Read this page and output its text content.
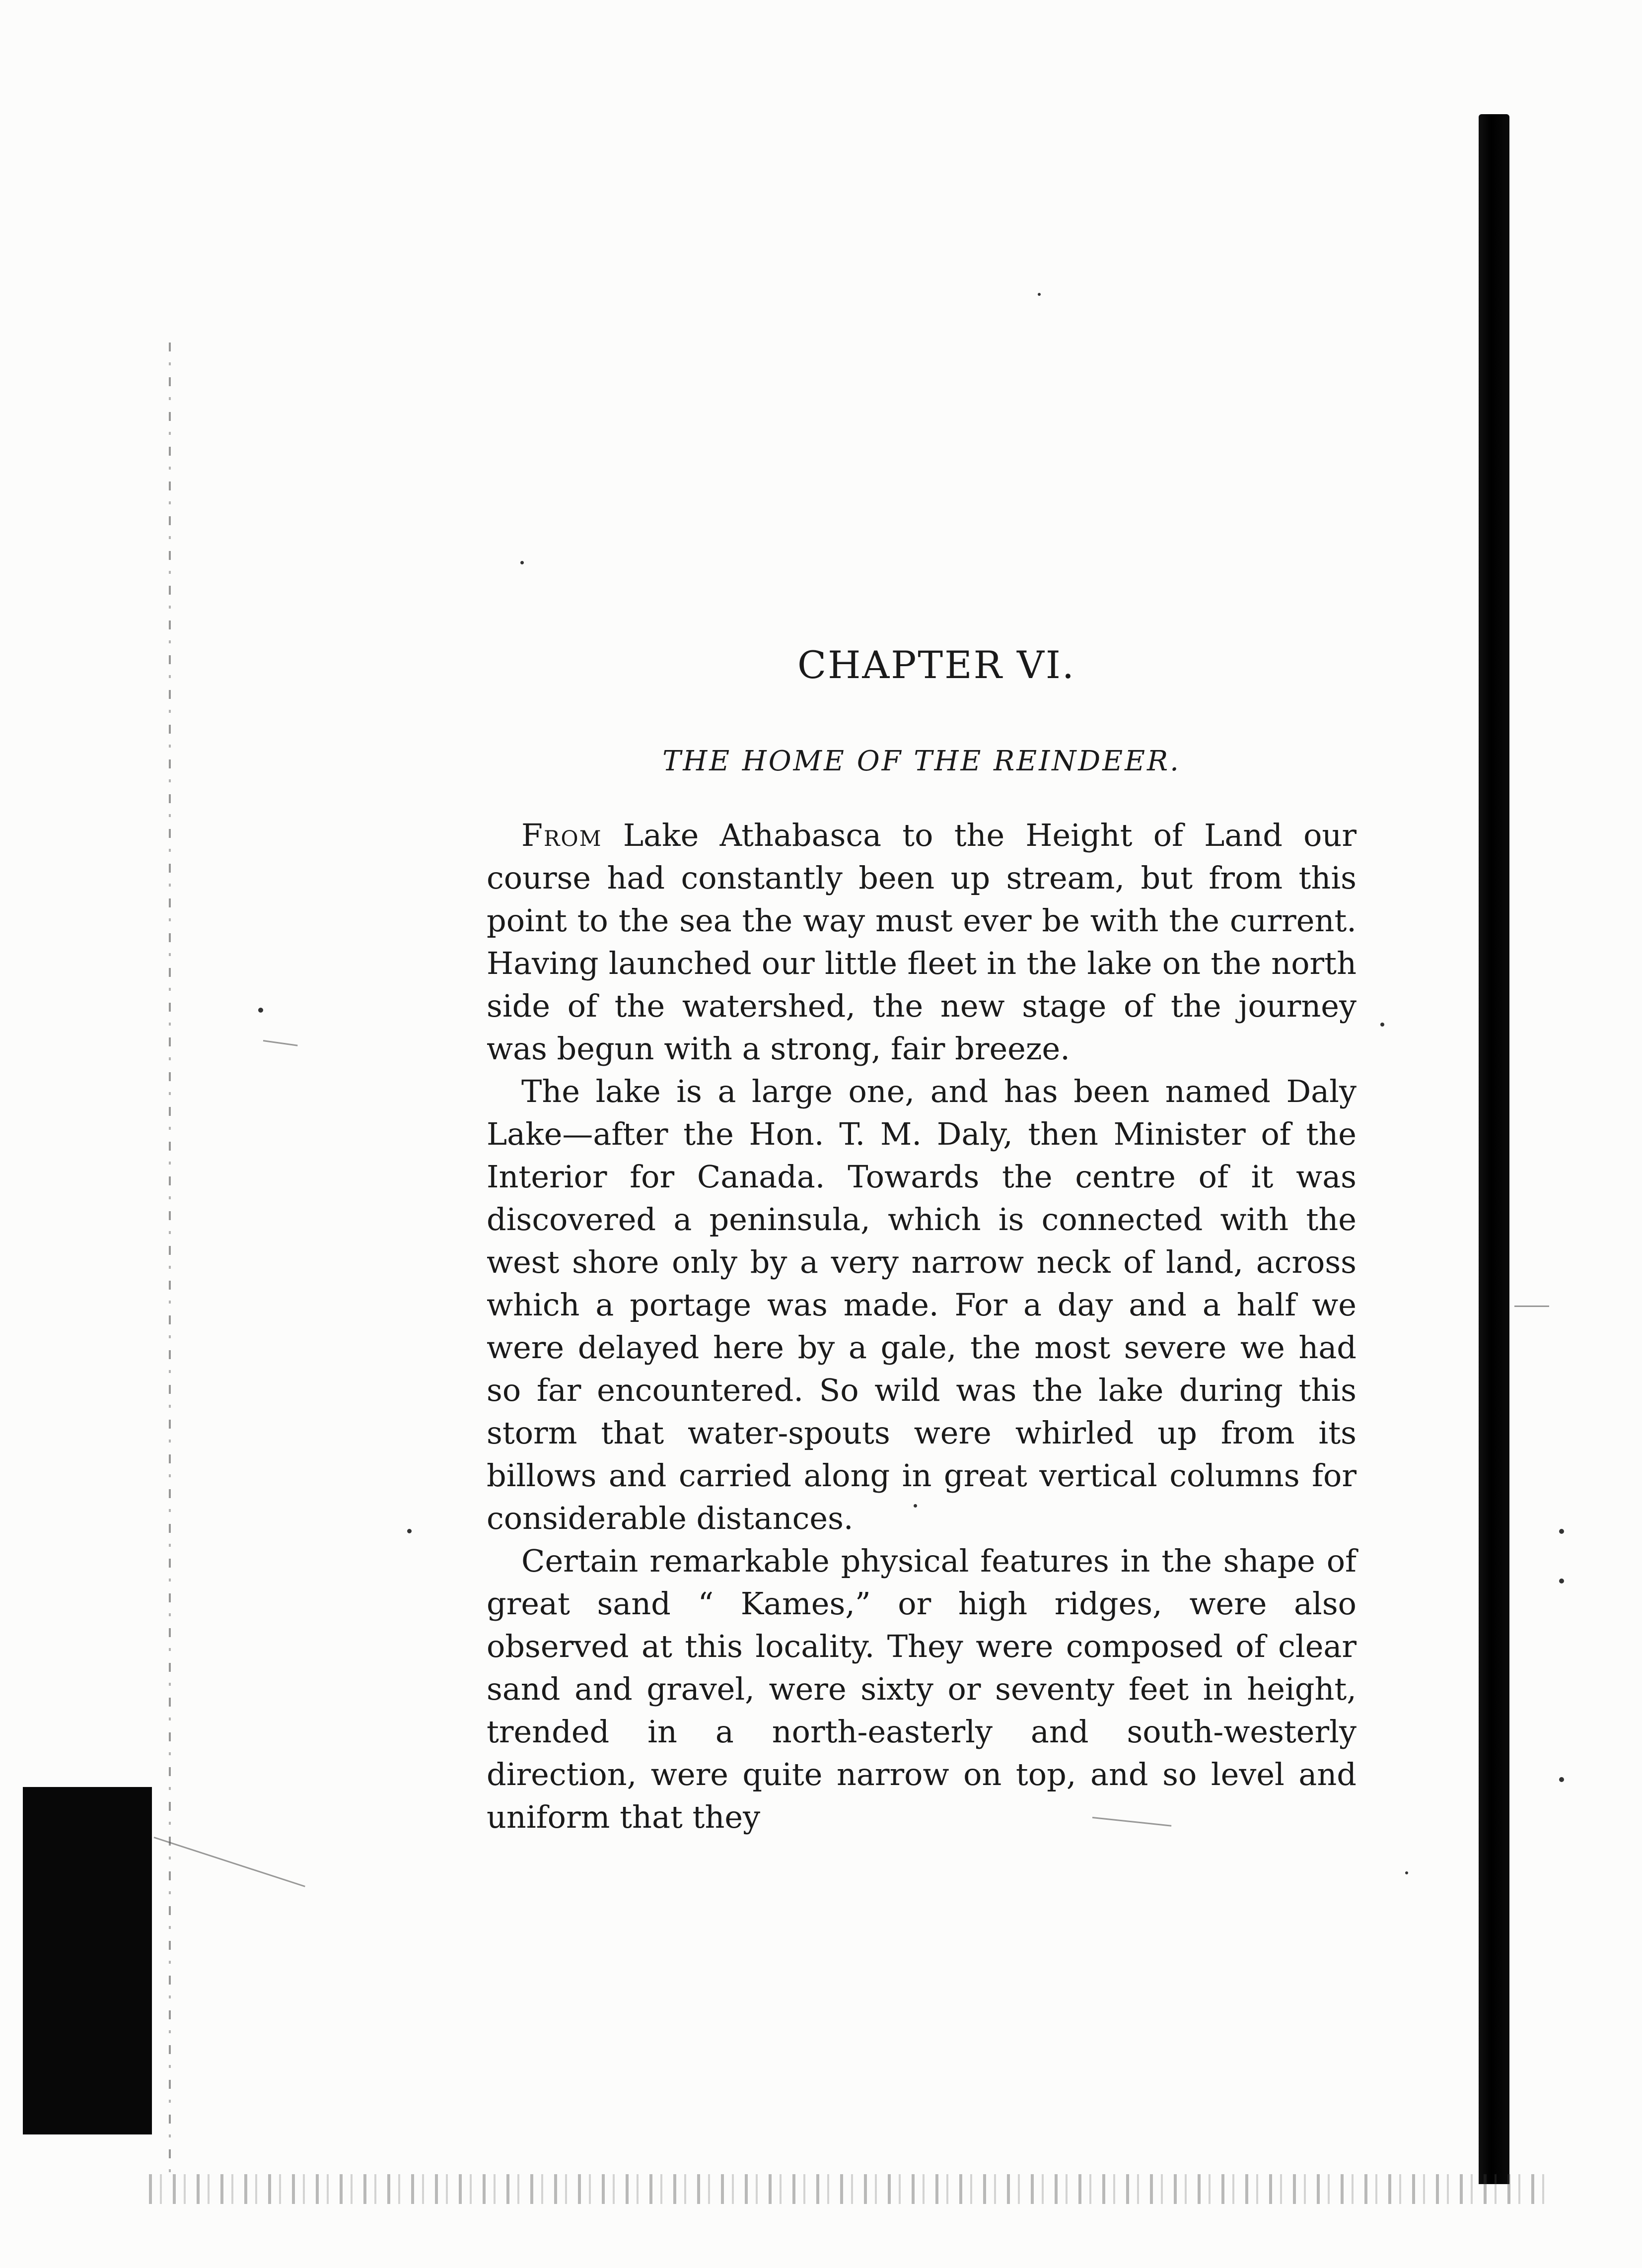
CHAPTER VI.
THE HOME OF THE REINDEER.

From Lake Athabasca to the Height of Land our course had constantly been up stream, but from this point to the sea the way must ever be with the current. Having launched our little fleet in the lake on the north side of the watershed, the new stage of the journey was begun with a strong, fair breeze.

The lake is a large one, and has been named Daly Lake—after the Hon. T. M. Daly, then Minister of the Interior for Canada. Towards the centre of it was discovered a peninsula, which is connected with the west shore only by a very narrow neck of land, across which a portage was made. For a day and a half we were delayed here by a gale, the most severe we had so far encountered. So wild was the lake during this storm that water-spouts were whirled up from its billows and carried along in great vertical columns for considerable distances.

Certain remarkable physical features in the shape of great sand “ Kames,” or high ridges, were also observed at this locality. They were composed of clear sand and gravel, were sixty or seventy feet in height, trended in a north-easterly and south-westerly direction, were quite narrow on top, and so level and uniform that they
